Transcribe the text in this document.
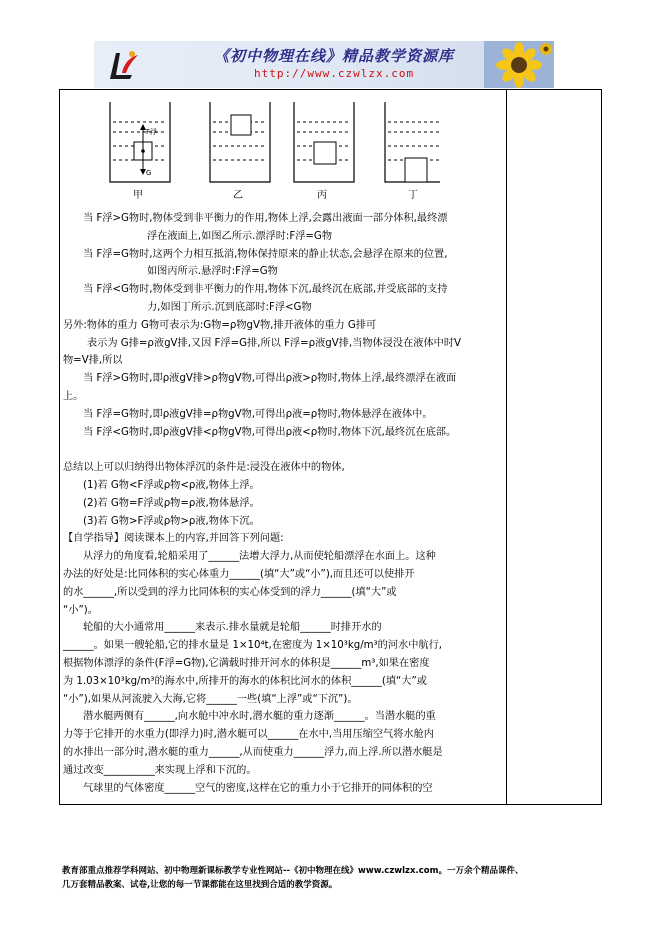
《初中物理在线》精品教学资源库
http://www.czwlzx.com
F浮
G
甲	乙	丙	丁

当 F浮>G物时,物体受到非平衡力的作用,物体上浮,会露出液面一部分体积,最终漂

浮在液面上,如图乙所示.漂浮时:F浮=G物

当 F浮=G物时,这两个力相互抵消,物体保持原来的静止状态,会悬浮在原来的位置,

如图丙所示.悬浮时:F浮=G物

当 F浮<G物时,物体受到非平衡力的作用,物体下沉,最终沉在底部,并受底部的支持

力,如图丁所示.沉到底部时:F浮<G物

另外:物体的重力 G物可表示为:G物=ρ物gV物,排开液体的重力 G排可

表示为 G排=ρ液gV排,又因 F浮=G排,所以 F浮=ρ液gV排,当物体浸没在液体中时V

物=V排,所以

当 F浮>G物时,即ρ液gV排>ρ物gV物,可得出ρ液>ρ物时,物体上浮,最终漂浮在液面

上。

当 F浮=G物时,即ρ液gV排=ρ物gV物,可得出ρ液=ρ物时,物体悬浮在液体中。

当 F浮<G物时,即ρ液gV排<ρ物gV物,可得出ρ液<ρ物时,物体下沉,最终沉在底部。

总结以上可以归纳得出物体浮沉的条件是:浸没在液体中的物体,

(1)若 G物<F浮或ρ物<ρ液,物体上浮。

(2)若 G物=F浮或ρ物=ρ液,物体悬浮。

(3)若 G物>F浮或ρ物>ρ液,物体下沉。

【自学指导】阅读课本上的内容,并回答下列问题:

从浮力的角度看,轮船采用了______法增大浮力,从而使轮船漂浮在水面上。这种

办法的好处是:比同体积的实心体重力______(填“大”或“小”),而且还可以使排开

的水______,所以受到的浮力比同体积的实心体受到的浮力______(填“大”或

“小”)。

轮船的大小通常用______来表示.排水量就是轮船______时排开水的

______。如果一艘轮船,它的排水量是 1×10⁴t,在密度为 1×10³kg/m³的河水中航行,

根据物体漂浮的条件(F浮=G物),它满载时排开河水的体积是______m³,如果在密度

为 1.03×10³kg/m³的海水中,所排开的海水的体积比河水的体积______(填“大”或

“小”),如果从河流驶入大海,它将______一些(填“上浮”或“下沉”)。

潜水艇两侧有______,向水舱中冲水时,潜水艇的重力逐渐______。当潜水艇的重

力等于它排开的水重力(即浮力)时,潜水艇可以______在水中,当用压缩空气将水舱内

的水排出一部分时,潜水艇的重力______,从而使重力______浮力,而上浮.所以潜水艇是

通过改变__________来实现上浮和下沉的。

气球里的气体密度______空气的密度,这样在它的重力小于它排开的同体积的空

教育部重点推荐学科网站、初中物理新课标教学专业性网站--《初中物理在线》www.czwlzx.com。一万余个精品课件、

几万套精品教案、试卷,让您的每一节课都能在这里找到合适的教学资源。
